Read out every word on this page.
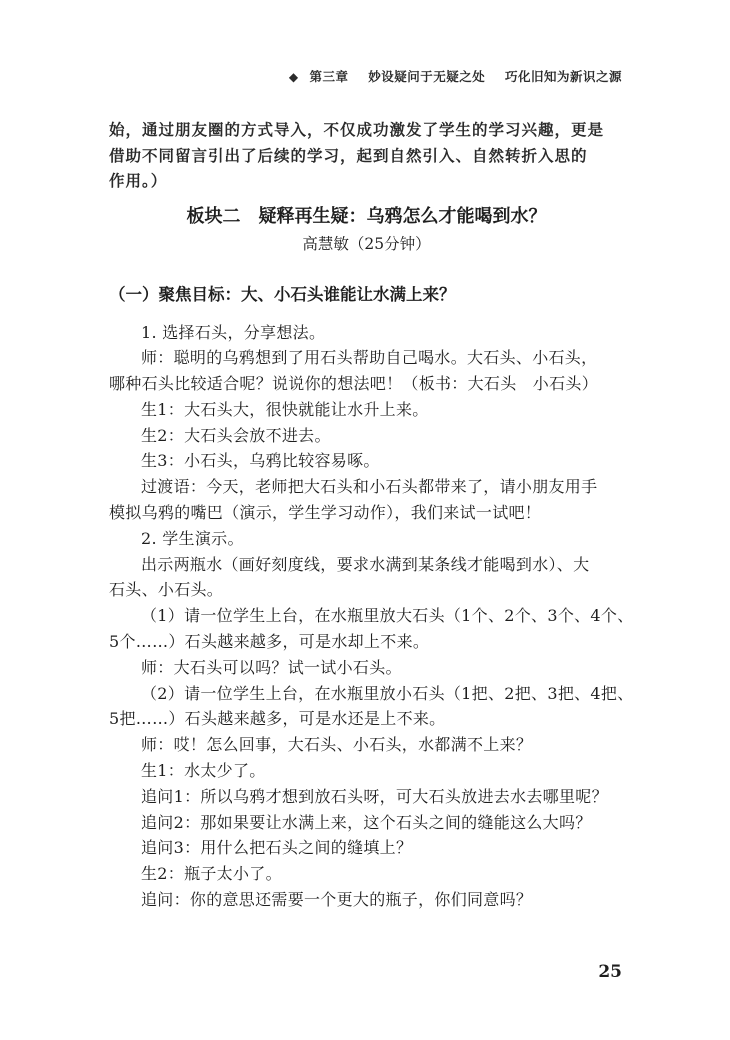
◆ 第三章 妙设疑问于无疑之处 巧化旧知为新识之源

始，通过朋友圈的方式导入，不仅成功激发了学生的学习兴趣，更是

借助不同留言引出了后续的学习，起到自然引入、自然转折入思的

作用。）

板块二　疑释再生疑：乌鸦怎么才能喝到水？
高慧敏（25分钟）
（一）聚焦目标：大、小石头谁能让水满上来？

1. 选择石头，分享想法。

师：聪明的乌鸦想到了用石头帮助自己喝水。大石头、小石头，

哪种石头比较适合呢？说说你的想法吧！（板书：大石头　小石头）

生1：大石头大，很快就能让水升上来。

生2：大石头会放不进去。

生3：小石头，乌鸦比较容易啄。

过渡语：今天，老师把大石头和小石头都带来了，请小朋友用手

模拟乌鸦的嘴巴（演示，学生学习动作），我们来试一试吧！

2. 学生演示。

出示两瓶水（画好刻度线，要求水满到某条线才能喝到水）、大

石头、小石头。

（1）请一位学生上台，在水瓶里放大石头（1个、2个、3个、4个、

5个……）石头越来越多，可是水却上不来。

师：大石头可以吗？试一试小石头。

（2）请一位学生上台，在水瓶里放小石头（1把、2把、3把、4把、

5把……）石头越来越多，可是水还是上不来。

师：哎！怎么回事，大石头、小石头，水都满不上来？

生1：水太少了。

追问1：所以乌鸦才想到放石头呀，可大石头放进去水去哪里呢？

追问2：那如果要让水满上来，这个石头之间的缝能这么大吗？

追问3：用什么把石头之间的缝填上？

生2：瓶子太小了。

追问：你的意思还需要一个更大的瓶子，你们同意吗？

25
